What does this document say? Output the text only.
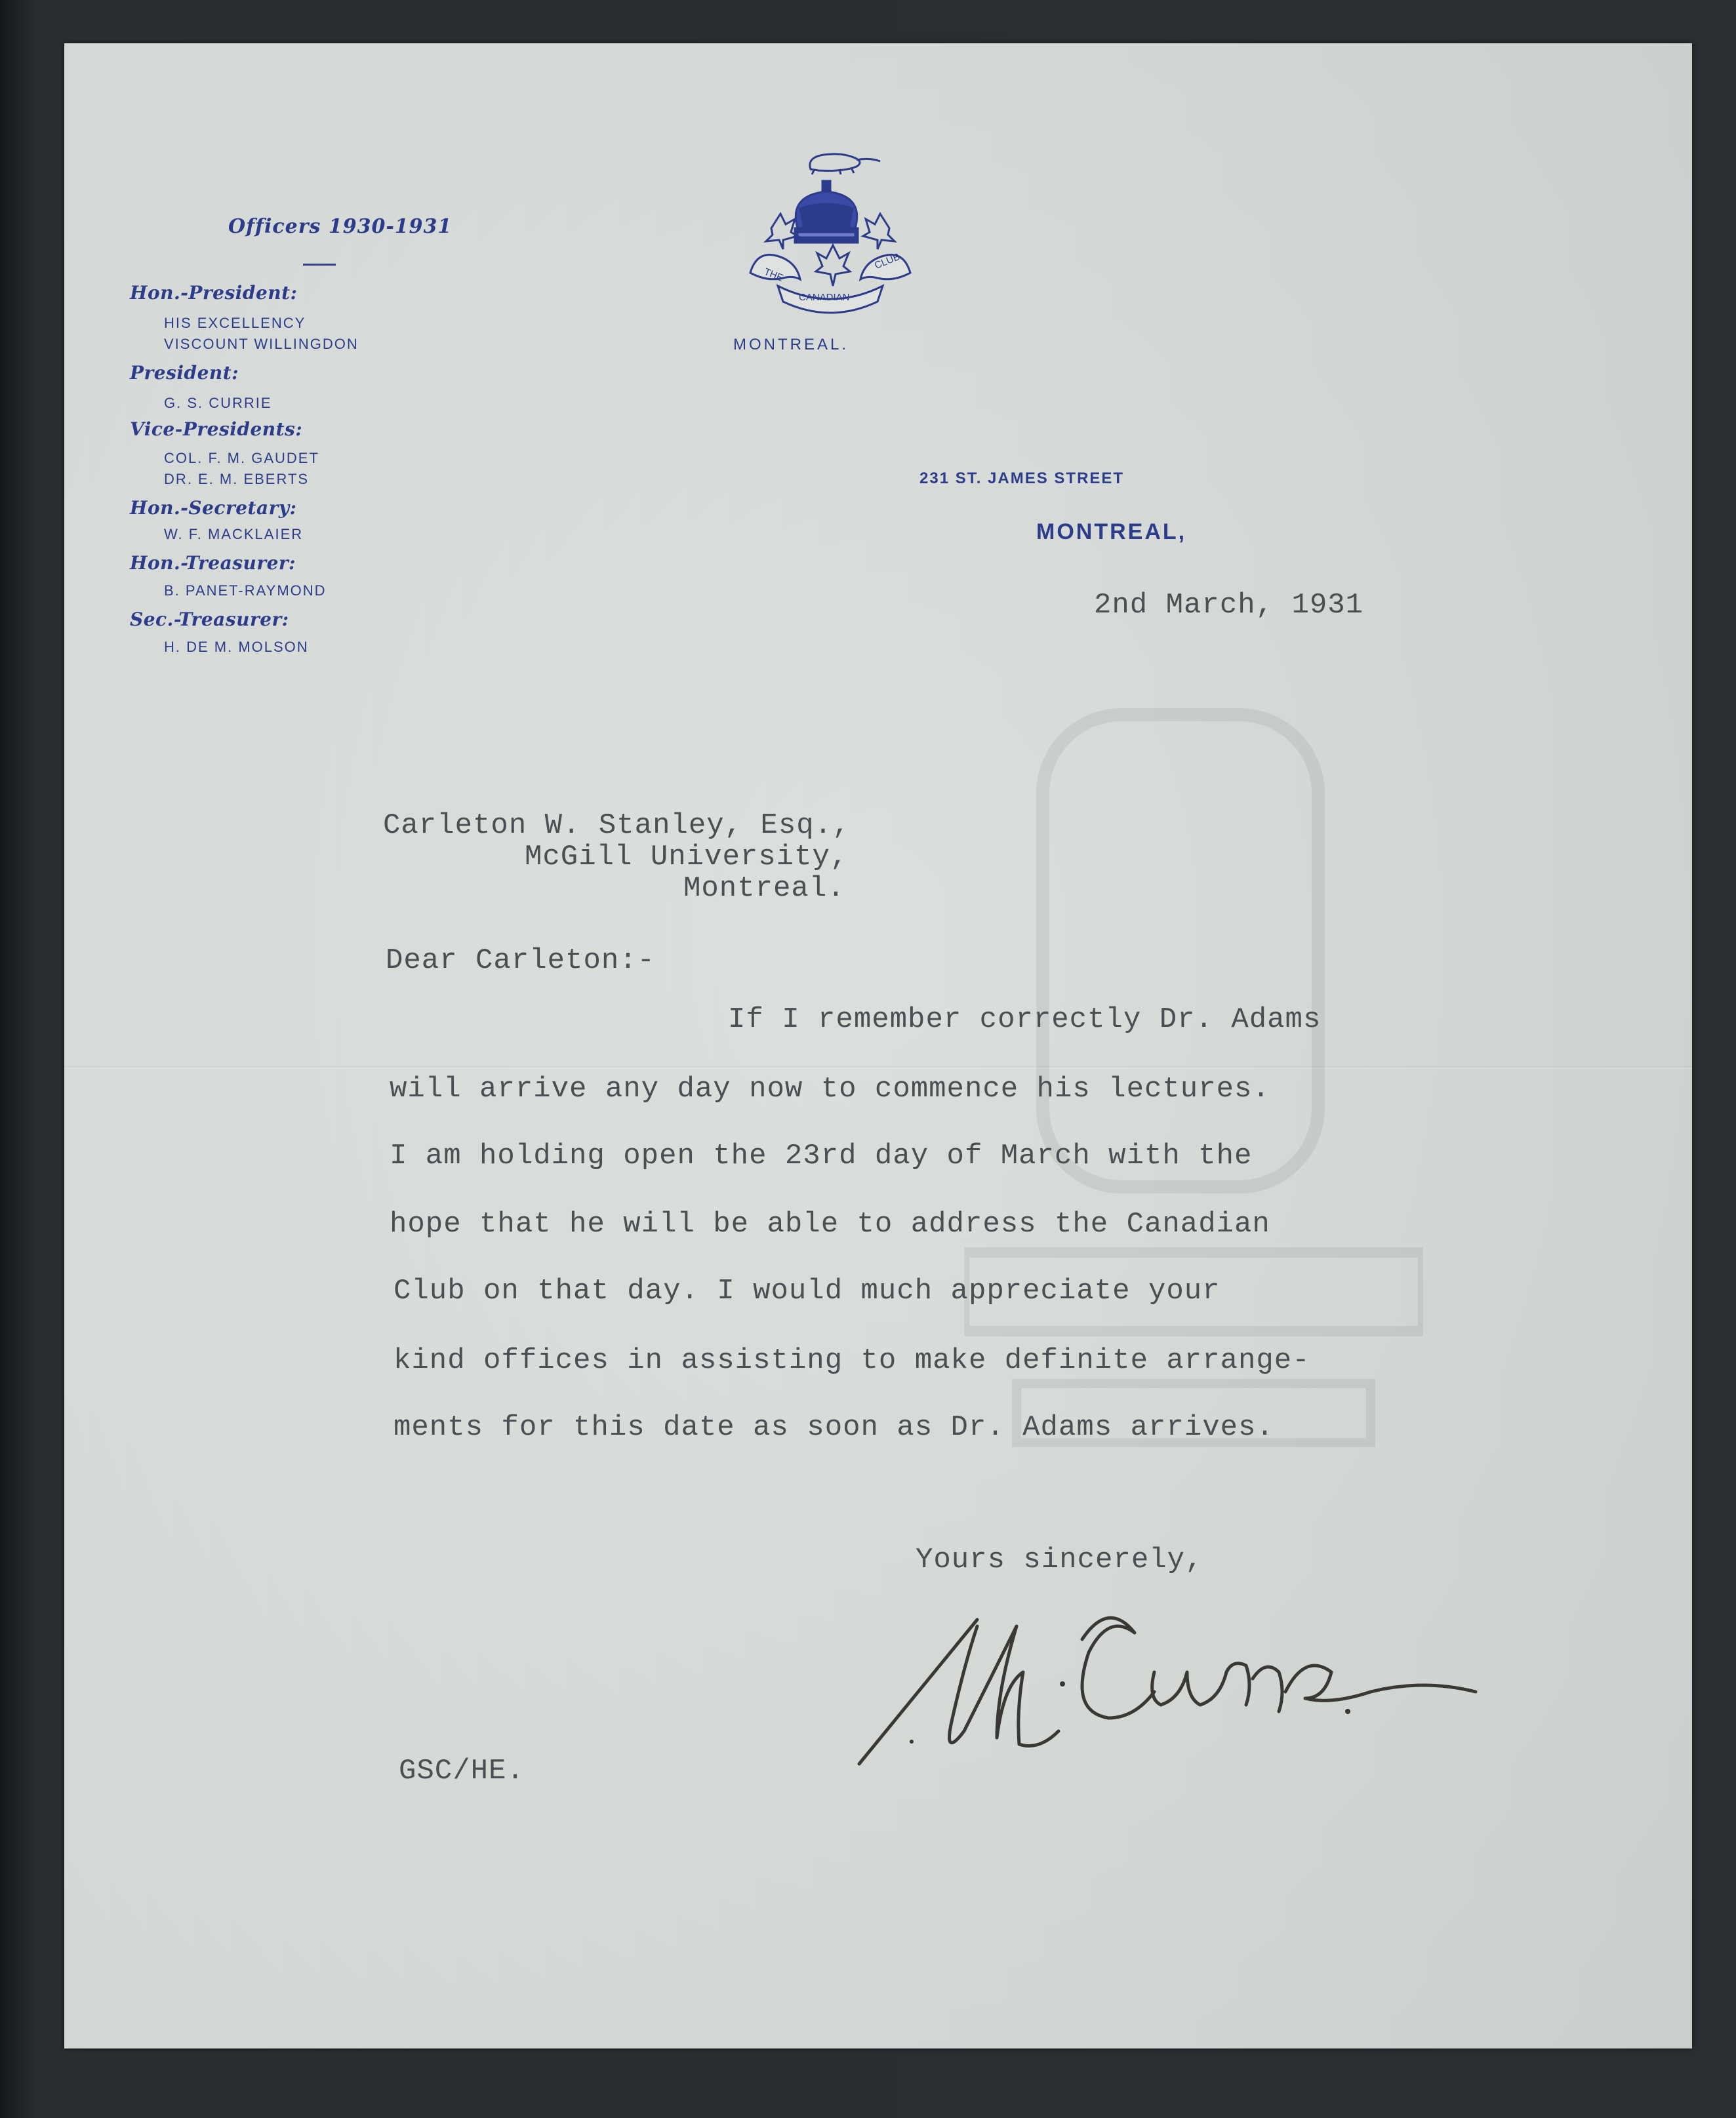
Officers 1930-1931
Hon.-President:
HIS EXCELLENCY
VISCOUNT WILLINGDON
President:
G. S. CURRIE
Vice-Presidents:
COL. F. M. GAUDET
DR. E. M. EBERTS
Hon.-Secretary:
W. F. MACKLAIER
Hon.-Treasurer:
B. PANET-RAYMOND
Sec.-Treasurer:
H. DE M. MOLSON
THE
CANADIAN
CLUB
MONTREAL.
231 ST. JAMES STREET
MONTREAL,
2nd March, 1931
Carleton W. Stanley, Esq.,
McGill University,
Montreal.
Dear Carleton:-
If I remember correctly Dr. Adams
will arrive any day now to commence his lectures.
I am holding open the 23rd day of March with the
hope that he will be able to address the Canadian
Club on that day. I would much appreciate your
kind offices in assisting to make definite arrange-
ments for this date as soon as Dr. Adams arrives.
Yours sincerely,
GSC/HE.
